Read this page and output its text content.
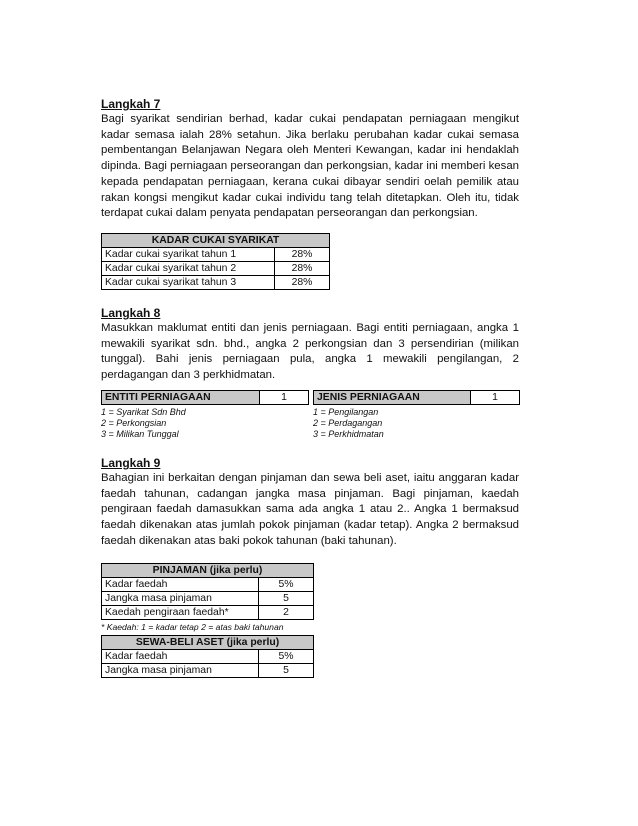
Langkah 7

Bagi syarikat sendirian berhad, kadar cukai pendapatan perniagaan mengikut kadar semasa ialah 28% setahun. Jika berlaku perubahan kadar cukai semasa pembentangan Belanjawan Negara oleh Menteri Kewangan, kadar ini hendaklah dipinda. Bagi perniagaan perseorangan dan perkongsian, kadar ini memberi kesan kepada pendapatan perniagaan, kerana cukai dibayar sendiri oelah pemilik atau rakan kongsi mengikut kadar cukai individu tang telah ditetapkan. Oleh itu, tidak terdapat cukai dalam penyata pendapatan perseorangan dan perkongsian.

KADAR CUKAI SYARIKAT	
Kadar cukai syarikat tahun 1	28%
Kadar cukai syarikat tahun 2	28%
Kadar cukai syarikat tahun 3	28%

Langkah 8

Masukkan maklumat entiti dan jenis perniagaan. Bagi entiti perniagaan, angka 1 mewakili syarikat sdn. bhd., angka 2 perkongsian dan 3 persendirian (milikan tunggal). Bahi jenis perniagaan pula, angka 1 mewakili pengilangan, 2 perdagangan dan 3 perkhidmatan.

ENTITI PERNIAGAAN	1

1 = Syarikat Sdn Bhd

2 = Perkongsian

3 = Milikan Tunggal

JENIS PERNIAGAAN	1

1 = Pengilangan

2 = Perdagangan

3 = Perkhidmatan

Langkah 9

Bahagian ini berkaitan dengan pinjaman dan sewa beli aset, iaitu anggaran kadar faedah tahunan, cadangan jangka masa pinjaman. Bagi pinjaman, kaedah pengiraan faedah damasukkan sama ada angka 1 atau 2.. Angka 1 bermaksud faedah dikenakan atas jumlah pokok pinjaman (kadar tetap). Angka 2 bermaksud faedah dikenakan atas baki pokok tahunan (baki tahunan).

PINJAMAN (jika perlu)	
Kadar faedah	5%
Jangka masa pinjaman	5
Kaedah pengiraan faedah*	2

* Kaedah: 1 = kadar tetap 2 = atas baki tahunan

SEWA-BELI ASET (jika perlu)	
Kadar faedah	5%
Jangka masa pinjaman	5
